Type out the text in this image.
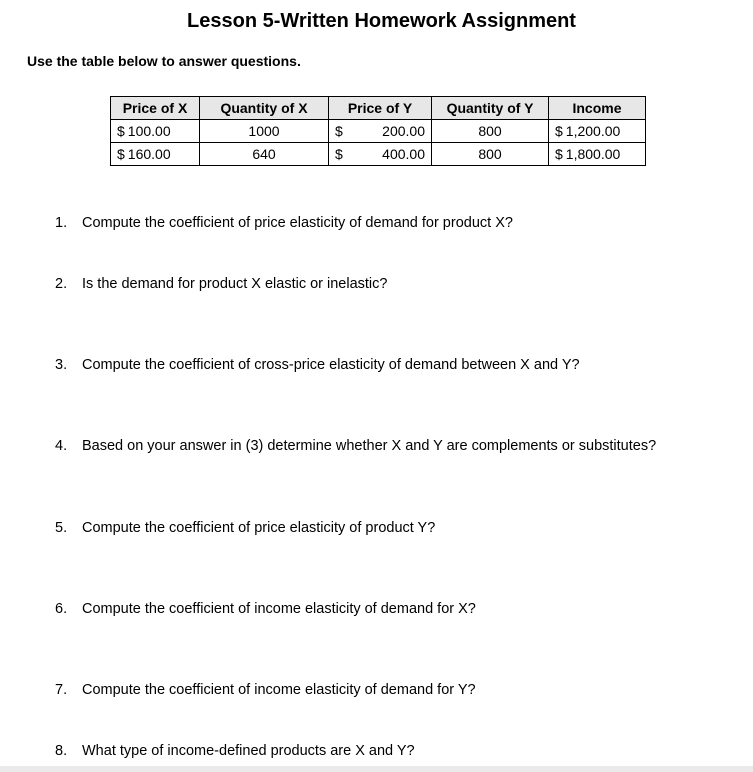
Lesson 5-Written Homework Assignment
Use the table below to answer questions.
Price of X	Quantity of X	Price of Y	Quantity of Y	Income

$ 100.00	1000	$ 200.00	800	$ 1,200.00

$ 160.00	640	$ 400.00	800	$ 1,800.00
1. Compute the coefficient of price elasticity of demand for product X?
2. Is the demand for product X elastic or inelastic?
3. Compute the coefficient of cross-price elasticity of demand between X and Y?
4. Based on your answer in (3) determine whether X and Y are complements or substitutes?
5. Compute the coefficient of price elasticity of product Y?
6. Compute the coefficient of income elasticity of demand for X?
7. Compute the coefficient of income elasticity of demand for Y?
8. What type of income-defined products are X and Y?
